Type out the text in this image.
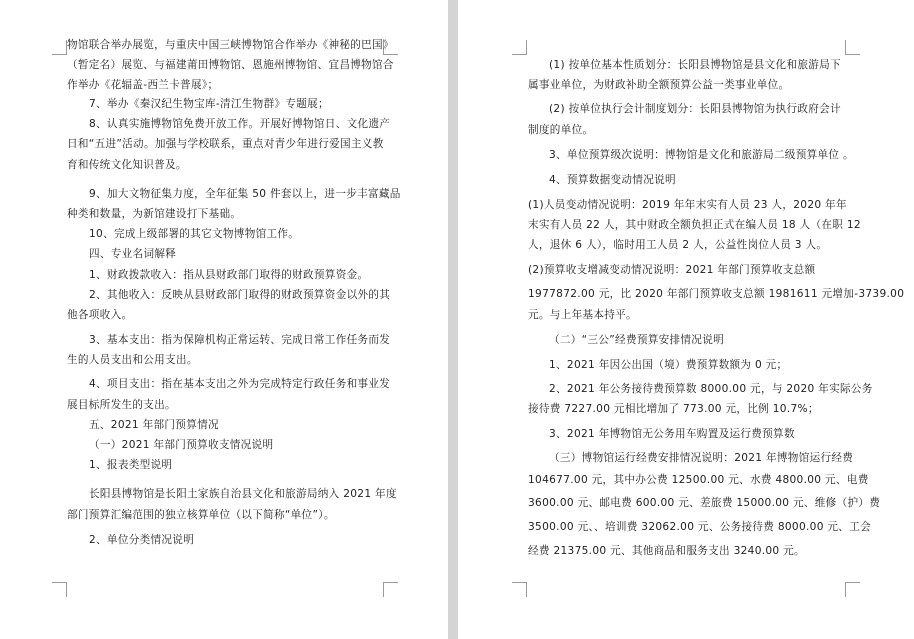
物馆联合举办展览，与重庆中国三峡博物馆合作举办《神秘的巴国》

（暂定名）展览、与福建莆田博物馆、恩施州博物馆、宜昌博物馆合

作举办《花辐盖-西兰卡普展》；

7、举办《秦汉纪生物宝库-清江生物群》专题展；

8、认真实施博物馆免费开放工作。开展好博物馆日、文化遗产

日和“五进”活动。加强与学校联系，重点对青少年进行爱国主义教

育和传统文化知识普及。

9、加大文物征集力度，全年征集 50 件套以上，进一步丰富藏品

种类和数量，为新馆建设打下基础。

10、完成上级部署的其它文物博物馆工作。

四、专业名词解释

1、财政拨款收入：指从县财政部门取得的财政预算资金。

2、其他收入：反映从县财政部门取得的财政预算资金以外的其

他各项收入。

3、基本支出：指为保障机构正常运转、完成日常工作任务而发

生的人员支出和公用支出。

4、项目支出：指在基本支出之外为完成特定行政任务和事业发

展目标所发生的支出。

五、2021 年部门预算情况

（一）2021 年部门预算收支情况说明

1、报表类型说明

长阳县博物馆是长阳土家族自治县文化和旅游局纳入 2021 年度

部门预算汇编范围的独立核算单位（以下简称“单位”）。

2、单位分类情况说明

(1) 按单位基本性质划分：长阳县博物馆是县文化和旅游局下

属事业单位，为财政补助全额预算公益一类事业单位。

(2) 按单位执行会计制度划分：长阳县博物馆为执行政府会计

制度的单位。

3、单位预算级次说明：博物馆是文化和旅游局二级预算单位 。

4、预算数据变动情况说明

(1)人员变动情况说明：2019 年年末实有人员 23 人，2020 年年

末实有人员 22 人，其中财政全额负担正式在编人员 18 人（在职 12

人，退休 6 人），临时用工人员 2 人，公益性岗位人员 3 人。

(2)预算收支增减变动情况说明：2021 年部门预算收支总额

1977872.00 元，比 2020 年部门预算收支总额 1981611 元增加-3739.00

元。与上年基本持平。

（二）“三公”经费预算安排情况说明

1、2021 年因公出国（境）费预算数额为 0 元；

2、2021 年公务接待费预算数 8000.00 元，与 2020 年实际公务

接待费 7227.00 元相比增加了 773.00 元，比例 10.7%；

3、2021 年博物馆无公务用车购置及运行费预算数

（三）博物馆运行经费安排情况说明：2021 年博物馆运行经费

104677.00 元，其中办公费 12500.00 元、水费 4800.00 元、电费

3600.00 元、邮电费 600.00 元、差旅费 15000.00 元、维修（护）费

3500.00 元、、培训费 32062.00 元、公务接待费 8000.00 元、工会

经费 21375.00 元、其他商品和服务支出 3240.00 元。
